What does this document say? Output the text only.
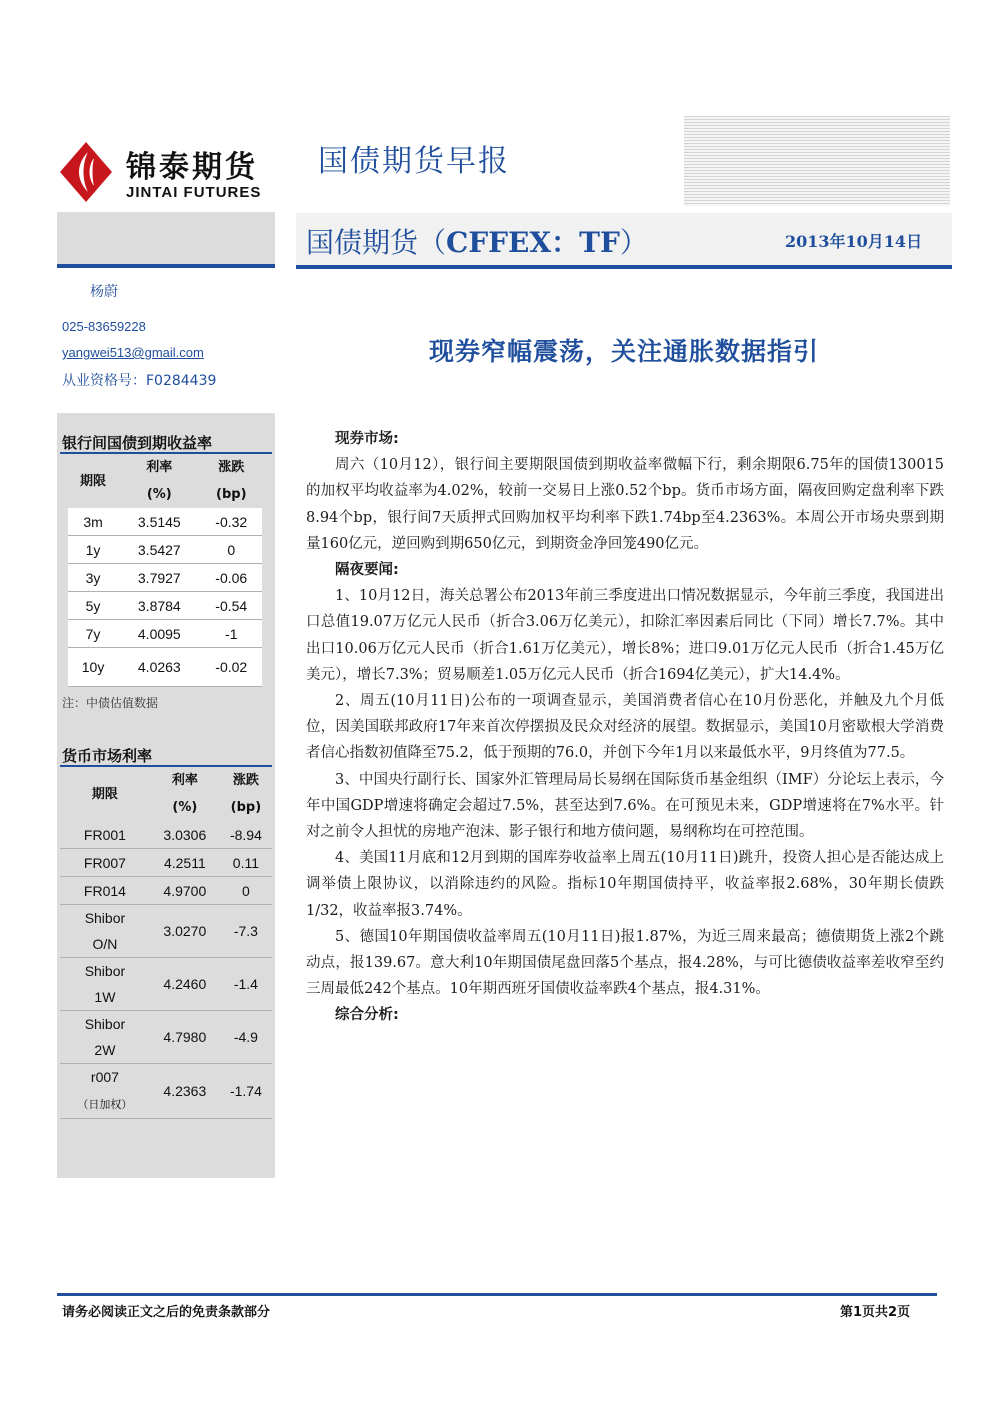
锦泰期货
JINTAI FUTURES
国债期货早报
杨蔚
025-83659228
yangwei513@gmail.com
从业资格号：F0284439
银行间国债到期收益率
期限	利率	涨跌
	(%)	(bp)
3m	3.5145	-0.32
1y	3.5427	0
3y	3.7927	-0.06
5y	3.8784	-0.54
7y	4.0095	-1
10y	4.0263	-0.02
注：中债估值数据
货币市场利率
期限	利率	涨跌
	(%)	(bp)
FR001	3.0306	-8.94
FR007	4.2511	0.11
FR014	4.9700	0
Shibor
O/N	3.0270	-7.3
Shibor
1W	4.2460	-1.4
Shibor
2W	4.7980	-4.9
r007
（日加权）	4.2363	-1.74
国债期货（CFFEX：TF）	2013年10月14日
现券窄幅震荡，关注通胀数据指引
现券市场:

周六（10月12），银行间主要期限国债到期收益率微幅下行，剩余期限6.75年的国债130015的加权平均收益率为4.02%，较前一交易日上涨0.52个bp。货币市场方面，隔夜回购定盘利率下跌8.94个bp，银行间7天质押式回购加权平均利率下跌1.74bp至4.2363%。本周公开市场央票到期量160亿元，逆回购到期650亿元，到期资金净回笼490亿元。

隔夜要闻:

1、10月12日，海关总署公布2013年前三季度进出口情况数据显示，今年前三季度，我国进出口总值19.07万亿元人民币（折合3.06万亿美元），扣除汇率因素后同比（下同）增长7.7%。其中出口10.06万亿元人民币（折合1.61万亿美元），增长8%；进口9.01万亿元人民币（折合1.45万亿美元），增长7.3%；贸易顺差1.05万亿元人民币（折合1694亿美元），扩大14.4%。

2、周五(10月11日)公布的一项调查显示，美国消费者信心在10月份恶化，并触及九个月低位，因美国联邦政府17年来首次停摆损及民众对经济的展望。数据显示，美国10月密歇根大学消费者信心指数初值降至75.2，低于预期的76.0，并创下今年1月以来最低水平，9月终值为77.5。

3、中国央行副行长、国家外汇管理局局长易纲在国际货币基金组织（IMF）分论坛上表示，今年中国GDP增速将确定会超过7.5%，甚至达到7.6%。在可预见未来，GDP增速将在7%水平。针对之前令人担忧的房地产泡沫、影子银行和地方债问题，易纲称均在可控范围。

4、美国11月底和12月到期的国库券收益率上周五(10月11日)跳升，投资人担心是否能达成上调举债上限协议，以消除违约的风险。指标10年期国债持平，收益率报2.68%，30年期长债跌1/32，收益率报3.74%。

5、德国10年期国债收益率周五(10月11日)报1.87%，为近三周来最高；德债期货上涨2个跳动点，报139.67。意大利10年期国债尾盘回落5个基点，报4.28%，与可比德债收益率差收窄至约三周最低242个基点。10年期西班牙国债收益率跌4个基点，报4.31%。

综合分析:
请务必阅读正文之后的免责条款部分	第1页共2页
